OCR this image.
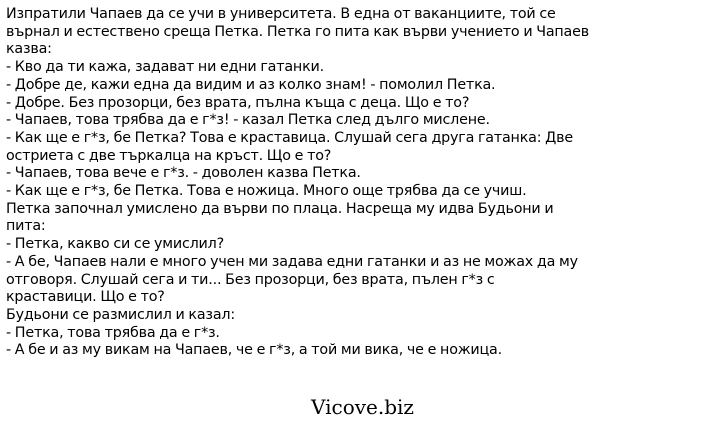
Изпратили Чапаев да се учи в университета. В една от ваканциите, той се
върнал и естествено среща Петка. Петка го пита как върви учението и Чапаев
казва:
- Кво да ти кажа, задават ни едни гатанки.
- Добре де, кажи една да видим и аз колко знам! - помолил Петка.
- Добре. Без прозорци, без врата, пълна къща с деца. Що е то?
- Чапаев, това трябва да е г*з! - казал Петка след дълго мислене.
- Как ще е г*з, бе Петка? Това е краставица. Слушай сега друга гатанка: Две
остриета с две търкалца на кръст. Що е то?
- Чапаев, това вече е г*з. - доволен казва Петка.
- Как ще е г*з, бе Петка. Това е ножица. Много още трябва да се учиш.
Петка започнал умислено да върви по плаца. Насреща му идва Будьони и
пита:
- Петка, какво си се умислил?
- А бе, Чапаев нали е много учен ми задава едни гатанки и аз не можах да му
отговоря. Слушай сега и ти... Без прозорци, без врата, пълен г*з с
краставици. Що е то?
Будьони се размислил и казал:
- Петка, това трябва да е г*з.
- А бе и аз му викам на Чапаев, че е г*з, а той ми вика, че е ножица.
Vicove.biz
